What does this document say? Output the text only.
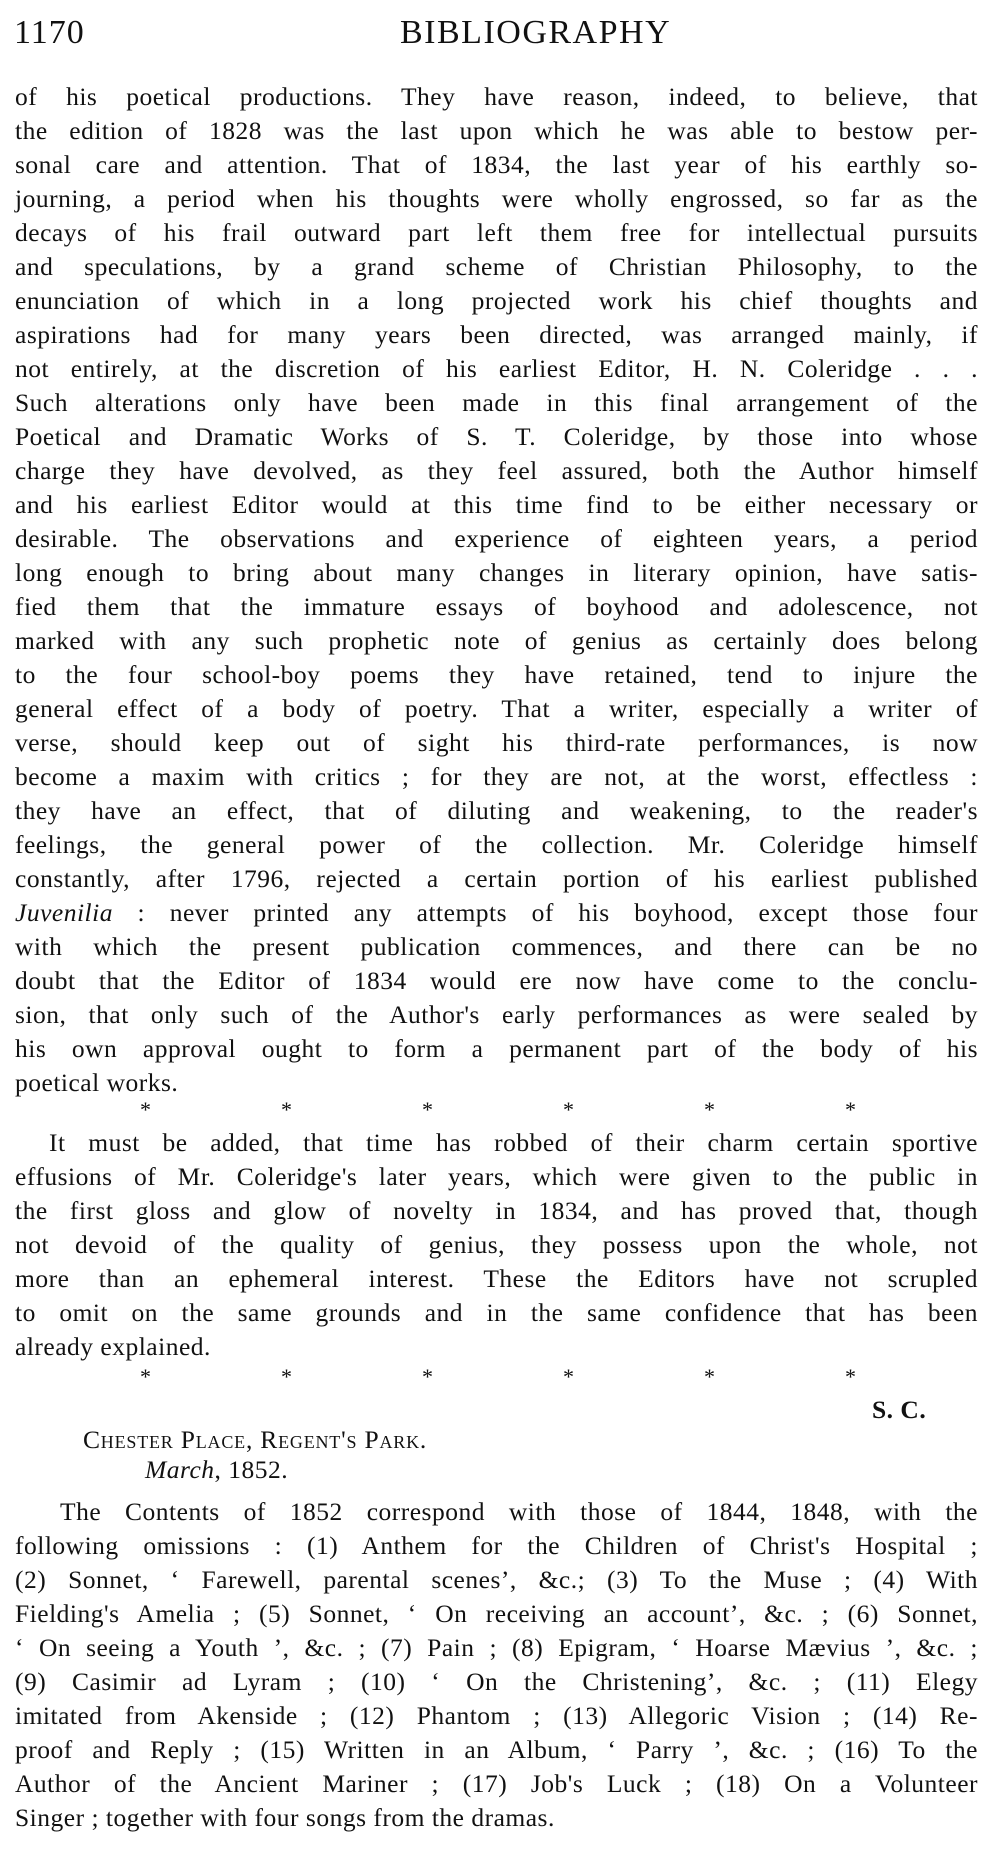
1170	BIBLIOGRAPHY
of his poetical productions. They have reason, indeed, to believe, that
the edition of 1828 was the last upon which he was able to bestow per-
sonal care and attention. That of 1834, the last year of his earthly so-
journing, a period when his thoughts were wholly engrossed, so far as the
decays of his frail outward part left them free for intellectual pursuits
and speculations, by a grand scheme of Christian Philosophy, to the
enunciation of which in a long projected work his chief thoughts and
aspirations had for many years been directed, was arranged mainly, if
not entirely, at the discretion of his earliest Editor, H. N. Coleridge . . .
Such alterations only have been made in this final arrangement of the
Poetical and Dramatic Works of S. T. Coleridge, by those into whose
charge they have devolved, as they feel assured, both the Author himself
and his earliest Editor would at this time find to be either necessary or
desirable. The observations and experience of eighteen years, a period
long enough to bring about many changes in literary opinion, have satis-
fied them that the immature essays of boyhood and adolescence, not
marked with any such prophetic note of genius as certainly does belong
to the four school-boy poems they have retained, tend to injure the
general effect of a body of poetry. That a writer, especially a writer of
verse, should keep out of sight his third-rate performances, is now
become a maxim with critics ; for they are not, at the worst, effectless :
they have an effect, that of diluting and weakening, to the reader's
feelings, the general power of the collection. Mr. Coleridge himself
constantly, after 1796, rejected a certain portion of his earliest published
Juvenilia : never printed any attempts of his boyhood, except those four
with which the present publication commences, and there can be no
doubt that the Editor of 1834 would ere now have come to the conclu-
sion, that only such of the Author's early performances as were sealed by
his own approval ought to form a permanent part of the body of his
poetical works.
*	*	*	*	*	*
It must be added, that time has robbed of their charm certain sportive
effusions of Mr. Coleridge's later years, which were given to the public in
the first gloss and glow of novelty in 1834, and has proved that, though
not devoid of the quality of genius, they possess upon the whole, not
more than an ephemeral interest. These the Editors have not scrupled
to omit on the same grounds and in the same confidence that has been
already explained.
*	*	*	*	*	*
S. C.
Chester Place, Regent's Park.
March, 1852.
The Contents of 1852 correspond with those of 1844, 1848, with the
following omissions : (1) Anthem for the Children of Christ's Hospital ;
(2) Sonnet, ‘ Farewell, parental scenes’, &c.; (3) To the Muse ; (4) With
Fielding's Amelia ; (5) Sonnet, ‘ On receiving an account’, &c. ; (6) Sonnet,
‘ On seeing a Youth ’, &c. ; (7) Pain ; (8) Epigram, ‘ Hoarse Mævius ’, &c. ;
(9) Casimir ad Lyram ; (10) ‘ On the Christening’, &c. ; (11) Elegy
imitated from Akenside ; (12) Phantom ; (13) Allegoric Vision ; (14) Re-
proof and Reply ; (15) Written in an Album, ‘ Parry ’, &c. ; (16) To the
Author of the Ancient Mariner ; (17) Job's Luck ; (18) On a Volunteer
Singer ; together with four songs from the dramas.
